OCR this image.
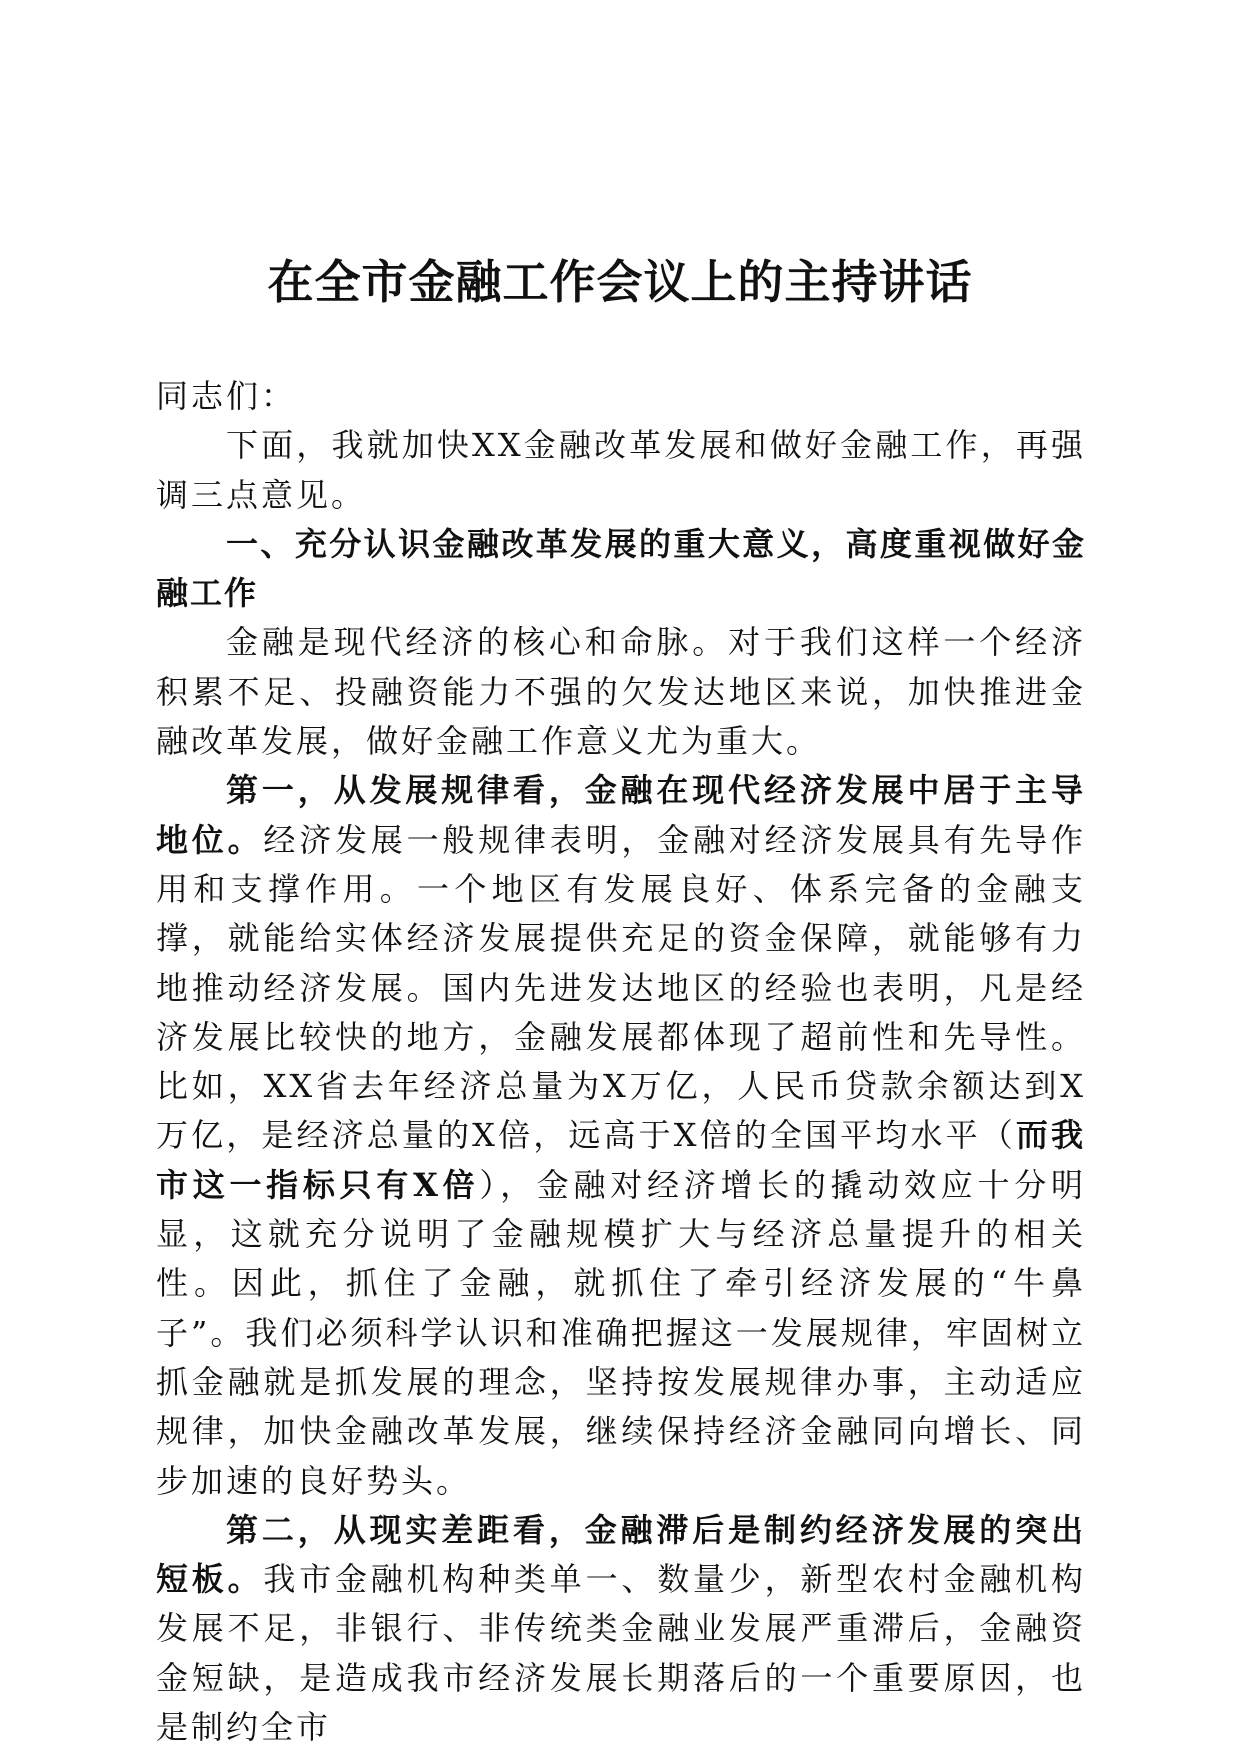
在全市金融工作会议上的主持讲话

同志们：

下面，我就加快XX金融改革发展和做好金融工作，再强调三点意见。

一、充分认识金融改革发展的重大意义，高度重视做好金融工作

金融是现代经济的核心和命脉。对于我们这样一个经济积累不足、投融资能力不强的欠发达地区来说，加快推进金融改革发展，做好金融工作意义尤为重大。

第一，从发展规律看，金融在现代经济发展中居于主导地位。经济发展一般规律表明，金融对经济发展具有先导作用和支撑作用。一个地区有发展良好、体系完备的金融支撑，就能给实体经济发展提供充足的资金保障，就能够有力地推动经济发展。国内先进发达地区的经验也表明，凡是经济发展比较快的地方，金融发展都体现了超前性和先导性。比如，XX省去年经济总量为X万亿，人民币贷款余额达到X万亿，是经济总量的X倍，远高于X倍的全国平均水平（而我市这一指标只有X倍），金融对经济增长的撬动效应十分明显，这就充分说明了金融规模扩大与经济总量提升的相关性。因此，抓住了金融，就抓住了牵引经济发展的“牛鼻子”。我们必须科学认识和准确把握这一发展规律，牢固树立抓金融就是抓发展的理念，坚持按发展规律办事，主动适应规律，加快金融改革发展，继续保持经济金融同向增长、同步加速的良好势头。

第二，从现实差距看，金融滞后是制约经济发展的突出短板。我市金融机构种类单一、数量少，新型农村金融机构发展不足，非银行、非传统类金融业发展严重滞后，金融资金短缺，是造成我市经济发展长期落后的一个重要原因，也是制约全市
